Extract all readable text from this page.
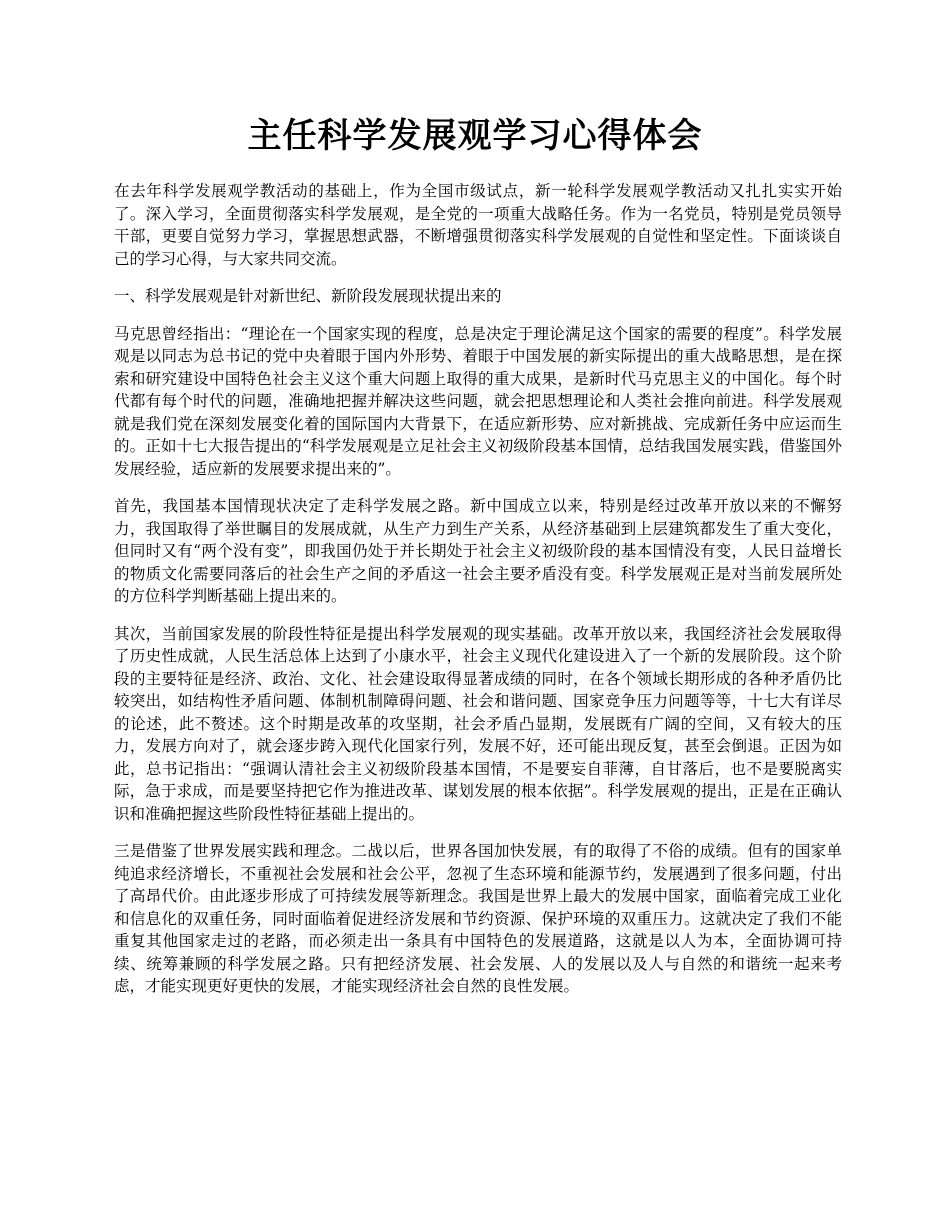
主任科学发展观学习心得体会

在去年科学发展观学教活动的基础上，作为全国市级试点，新一轮科学发展观学教活动又扎扎实实开始了。深入学习，全面贯彻落实科学发展观，是全党的一项重大战略任务。作为一名党员，特别是党员领导干部，更要自觉努力学习，掌握思想武器，不断增强贯彻落实科学发展观的自觉性和坚定性。下面谈谈自己的学习心得，与大家共同交流。

一、科学发展观是针对新世纪、新阶段发展现状提出来的

马克思曾经指出：“理论在一个国家实现的程度，总是决定于理论满足这个国家的需要的程度”。科学发展观是以同志为总书记的党中央着眼于国内外形势、着眼于中国发展的新实际提出的重大战略思想，是在探索和研究建设中国特色社会主义这个重大问题上取得的重大成果，是新时代马克思主义的中国化。每个时代都有每个时代的问题，准确地把握并解决这些问题，就会把思想理论和人类社会推向前进。科学发展观就是我们党在深刻发展变化着的国际国内大背景下，在适应新形势、应对新挑战、完成新任务中应运而生的。正如十七大报告提出的“科学发展观是立足社会主义初级阶段基本国情，总结我国发展实践，借鉴国外发展经验，适应新的发展要求提出来的”。

首先，我国基本国情现状决定了走科学发展之路。新中国成立以来，特别是经过改革开放以来的不懈努力，我国取得了举世瞩目的发展成就，从生产力到生产关系，从经济基础到上层建筑都发生了重大变化，但同时又有“两个没有变”，即我国仍处于并长期处于社会主义初级阶段的基本国情没有变，人民日益增长的物质文化需要同落后的社会生产之间的矛盾这一社会主要矛盾没有变。科学发展观正是对当前发展所处的方位科学判断基础上提出来的。

其次，当前国家发展的阶段性特征是提出科学发展观的现实基础。改革开放以来，我国经济社会发展取得了历史性成就，人民生活总体上达到了小康水平，社会主义现代化建设进入了一个新的发展阶段。这个阶段的主要特征是经济、政治、文化、社会建设取得显著成绩的同时，在各个领域长期形成的各种矛盾仍比较突出，如结构性矛盾问题、体制机制障碍问题、社会和谐问题、国家竞争压力问题等等，十七大有详尽的论述，此不赘述。这个时期是改革的攻坚期，社会矛盾凸显期，发展既有广阔的空间，又有较大的压力，发展方向对了，就会逐步跨入现代化国家行列，发展不好，还可能出现反复，甚至会倒退。正因为如此，总书记指出：“强调认清社会主义初级阶段基本国情，不是要妄自菲薄，自甘落后，也不是要脱离实际，急于求成，而是要坚持把它作为推进改革、谋划发展的根本依据”。科学发展观的提出，正是在正确认识和准确把握这些阶段性特征基础上提出的。

三是借鉴了世界发展实践和理念。二战以后，世界各国加快发展，有的取得了不俗的成绩。但有的国家单纯追求经济增长，不重视社会发展和社会公平，忽视了生态环境和能源节约，发展遇到了很多问题，付出了高昂代价。由此逐步形成了可持续发展等新理念。我国是世界上最大的发展中国家，面临着完成工业化和信息化的双重任务，同时面临着促进经济发展和节约资源、保护环境的双重压力。这就决定了我们不能重复其他国家走过的老路，而必须走出一条具有中国特色的发展道路，这就是以人为本，全面协调可持续、统筹兼顾的科学发展之路。只有把经济发展、社会发展、人的发展以及人与自然的和谐统一起来考虑，才能实现更好更快的发展，才能实现经济社会自然的良性发展。
